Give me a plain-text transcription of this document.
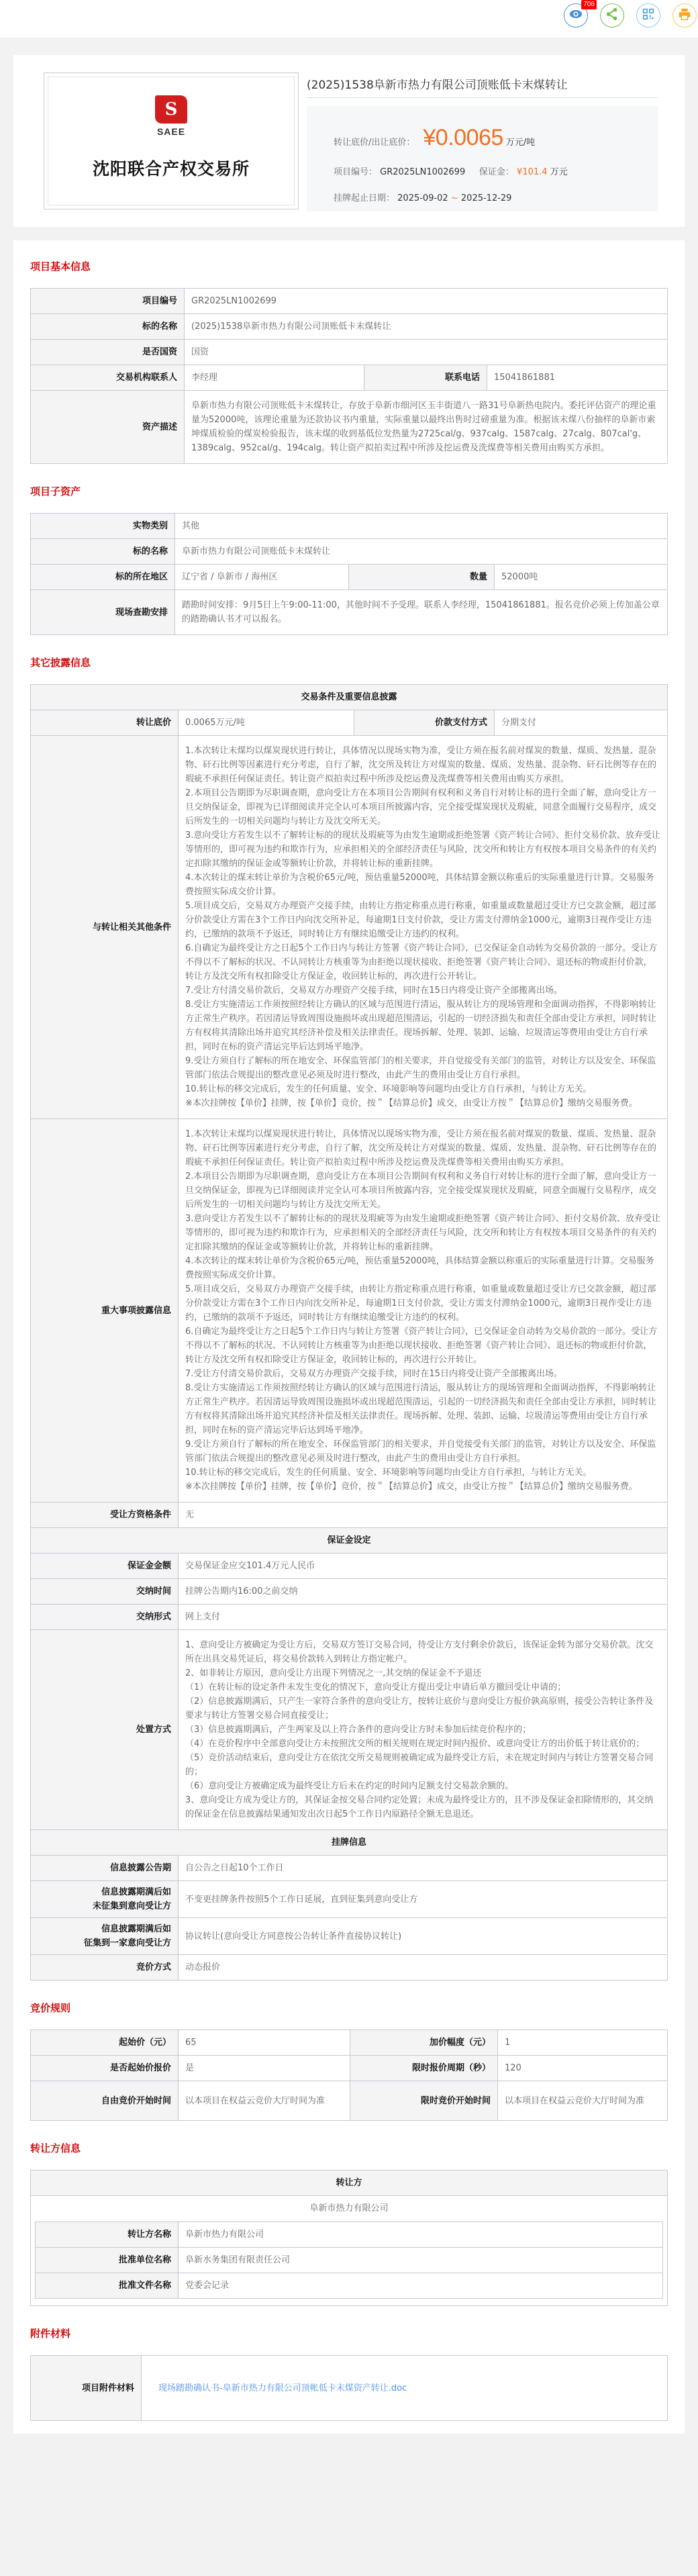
706
S
SAEE
沈阳联合产权交易所
(2025)1538阜新市热力有限公司顶账低卡末煤转让
转让底价/出让底价： ¥0.0065 万元/吨
项目编号： GR2025LN1002699 保证金： ¥101.4 万元
挂牌起止日期： 2025-09-02 ~ 2025-12-29
项目基本信息
项目编号	GR2025LN1002699		
标的名称	(2025)1538阜新市热力有限公司顶账低卡末煤转让		
是否国资	国资		
交易机构联系人	李经理	联系电话	15041861881
资产描述	阜新市热力有限公司顶账低卡末煤转让，存放于阜新市细河区玉丰街道八一路31号阜新热电院内。委托评估资产的理论重量为52000吨，该理论重量为还款协议书内重量，实际重量以最终出售时过磅重量为准。根据该末煤八份抽样的阜新市索坤煤质检验的煤炭检验报告，该末煤的收到基低位发热量为2725cal/g、937calg、1587calg、27calg、807cal'g、1389calg、952cal/g、194calg。转让资产拟拍卖过程中所涉及挖运费及洗煤费等相关费用由购买方承担。		
项目子资产
实物类别	其他		
标的名称	阜新市热力有限公司顶账低卡末煤转让		
标的所在地区	辽宁省 / 阜新市 / 海州区	数量	52000吨
现场查勘安排	踏勘时间安排：9月5日上午9:00-11:00，其他时间不予受理。联系人李经理，15041861881。报名竞价必须上传加盖公章的踏勘确认书才可以报名。		
其它披露信息
交易条件及重要信息披露			
转让底价	0.0065万元/吨	价款支付方式	分期支付
与转让相关其他条件	
1.本次转让末煤均以煤炭现状进行转让，具体情况以现场实物为准，受让方须在报名前对煤炭的数量、煤质、发热量、混杂物、矸石比例等因素进行充分考虑，自行了解，沈交所及转让方对煤炭的数量、煤质、发热量、混杂物、矸石比例等存在的瑕疵不承担任何保证责任。转让资产拟拍卖过程中所涉及挖运费及洗煤费等相关费用由购买方承担。
2.本项目公告期即为尽职调查期，意向受让方在本项目公告期间有权利和义务自行对转让标的进行全面了解，意向受让方一旦交纳保证金，即视为已详细阅读并完全认可本项目所披露内容，完全接受煤炭现状及瑕疵，同意全面履行交易程序，成交后所发生的一切相关问题均与转让方及沈交所无关。
3.意向受让方若发生以不了解转让标的的现状及瑕疵等为由发生逾期或拒绝签署《资产转让合同》、拒付交易价款、放弃受让等情形的，即可视为违约和欺诈行为，应承担相关的全部经济责任与风险，沈交所和转让方有权按本项目交易条件的有关约定扣除其缴纳的保证金或等额转让价款，并将转让标的重新挂牌。
4.本次转让的煤末转让单价为含税价65元/吨，预估重量52000吨，具体结算金额以称重后的实际重量进行计算。交易服务费按照实际成交价计算。
5.项目成交后，交易双方办理资产交接手续，由转让方指定称重点进行称重，如重量或数量超过受让方已交款金额，超过部分价款受让方需在3个工作日内向沈交所补足，每逾期1日支付价款，受让方需支付滞纳金1000元，逾期3日视作受让方违约，已缴纳的款项不予返还，同时转让方有继续追缴受让方违约的权利。
6.自确定为最终受让方之日起5个工作日内与转让方签署《资产转让合同》，已交保证金自动转为交易价款的一部分。受让方不得以不了解标的状况、不认同转让方核重等为由拒绝以现状接收、拒绝签署《资产转让合同》、退还标的物或拒付价款，转让方及沈交所有权扣除受让方保证金，收回转让标的，再次进行公开转让。
7.受让方付清交易价款后，交易双方办理资产交接手续，同时在15日内将受让资产全部搬离出场。
8.受让方实施清运工作须按照经转让方确认的区域与范围进行清运，服从转让方的现场管理和全面调动指挥，不得影响转让方正常生产秩序。若因清运导致周围设施损坏或出现超范围清运，引起的一切经济损失和责任全部由受让方承担，同时转让方有权将其清除出场并追究其经济补偿及相关法律责任。现场拆解、处理、装卸、运输、垃圾清运等费用由受让方自行承担，同时在标的资产清运完毕后达到场平地净。
9.受让方须自行了解标的所在地安全、环保监管部门的相关要求，并自觉接受有关部门的监管，对转让方以及安全、环保监管部门依法合规提出的整改意见必须及时进行整改，由此产生的费用由受让方自行承担。
10.转让标的移交完成后，发生的任何质量、安全、环境影响等问题均由受让方自行承担，与转让方无关。
※本次挂牌按【单价】挂牌，按【单价】竞价，按＂【结算总价】成交，由受让方按＂【结算总价】缴纳交易服务费。

重大事项披露信息	
1.本次转让末煤均以煤炭现状进行转让，具体情况以现场实物为准，受让方须在报名前对煤炭的数量、煤质、发热量、混杂物、矸石比例等因素进行充分考虑，自行了解，沈交所及转让方对煤炭的数量、煤质、发热量、混杂物、矸石比例等存在的瑕疵不承担任何保证责任。转让资产拟拍卖过程中所涉及挖运费及洗煤费等相关费用由购买方承担。
2.本项目公告期即为尽职调查期，意向受让方在本项目公告期间有权利和义务自行对转让标的进行全面了解，意向受让方一旦交纳保证金，即视为已详细阅读并完全认可本项目所披露内容，完全接受煤炭现状及瑕疵，同意全面履行交易程序，成交后所发生的一切相关问题均与转让方及沈交所无关。
3.意向受让方若发生以不了解转让标的的现状及瑕疵等为由发生逾期或拒绝签署《资产转让合同》、拒付交易价款、放弃受让等情形的，即可视为违约和欺诈行为，应承担相关的全部经济责任与风险，沈交所和转让方有权按本项目交易条件的有关约定扣除其缴纳的保证金或等额转让价款，并将转让标的重新挂牌。
4.本次转让的煤末转让单价为含税价65元/吨，预估重量52000吨，具体结算金额以称重后的实际重量进行计算。交易服务费按照实际成交价计算。
5.项目成交后，交易双方办理资产交接手续，由转让方指定称重点进行称重，如重量或数量超过受让方已交款金额，超过部分价款受让方需在3个工作日内向沈交所补足，每逾期1日支付价款，受让方需支付滞纳金1000元，逾期3日视作受让方违约，已缴纳的款项不予返还，同时转让方有继续追缴受让方违约的权利。
6.自确定为最终受让方之日起5个工作日内与转让方签署《资产转让合同》，已交保证金自动转为交易价款的一部分。受让方不得以不了解标的状况、不认同转让方核重等为由拒绝以现状接收、拒绝签署《资产转让合同》、退还标的物或拒付价款，转让方及沈交所有权扣除受让方保证金，收回转让标的，再次进行公开转让。
7.受让方付清交易价款后，交易双方办理资产交接手续，同时在15日内将受让资产全部搬离出场。
8.受让方实施清运工作须按照经转让方确认的区域与范围进行清运，服从转让方的现场管理和全面调动指挥，不得影响转让方正常生产秩序。若因清运导致周围设施损坏或出现超范围清运，引起的一切经济损失和责任全部由受让方承担，同时转让方有权将其清除出场并追究其经济补偿及相关法律责任。现场拆解、处理、装卸、运输、垃圾清运等费用由受让方自行承担，同时在标的资产清运完毕后达到场平地净。
9.受让方须自行了解标的所在地安全、环保监管部门的相关要求，并自觉接受有关部门的监管，对转让方以及安全、环保监管部门依法合规提出的整改意见必须及时进行整改，由此产生的费用由受让方自行承担。
10.转让标的移交完成后，发生的任何质量、安全、环境影响等问题均由受让方自行承担，与转让方无关。
※本次挂牌按【单价】挂牌，按【单价】竞价，按＂【结算总价】成交，由受让方按＂【结算总价】缴纳交易服务费。

受让方资格条件	无		
保证金设定			
保证金金额	交易保证金应交101.4万元人民币		
交纳时间	挂牌公告期内16:00之前交纳		
交纳形式	网上支付		
处置方式	
1、意向受让方被确定为受让方后，交易双方签订交易合同，待受让方支付剩余价款后，该保证金转为部分交易价款。沈交所在出具交易凭证后，将交易价款转入到转让方指定帐户。
2、如非转让方原因，意向受让方出现下列情况之一,其交纳的保证金不予退还
（1）在转让标的设定条件未发生变化的情况下，意向受让方提出受让申请后单方撤回受让申请的；
（2）信息披露期满后，只产生一家符合条件的意向受让方，按转让底价与意向受让方报价孰高原则，接受公告转让条件及要求与转让方签署交易合同直接受让；
（3）信息披露期满后，产生两家及以上符合条件的意向受让方时未参加后续竞价程序的；
（4）在竞价程序中全部意向受让方未按照沈交所的相关规则在规定时间内报价、或意向受让方的出价低于转让底价的；
（5）竞价活动结束后，意向受让方在依沈交所交易规则被确定成为最终受让方后，未在规定时间内与转让方签署交易合同的；
（6）意向受让方被确定成为最终受让方后未在约定的时间内足额支付交易款余额的。
3、意向受让方成为受让方的，其保证金按交易合同约定处置；未成为最终受让方的，且不涉及保证金扣除情形的，其交纳的保证金在信息披露结果通知发出次日起5个工作日内原路径全额无息退还。

挂牌信息			
信息披露公告期	自公告之日起10个工作日		

信息披露期满后如
未征集到意向受让方	不变更挂牌条件按照5个工作日延展，直到征集到意向受让方		

信息披露期满后如
征集到一家意向受让方	协议转让(意向受让方同意按公告转让条件直接协议转让)		
竞价方式	动态报价		
竞价规则
起始价（元）	65	加价幅度（元）	1
是否起始价报价	是	限时报价周期（秒）	120
自由竞价开始时间	以本项目在权益云竞价大厅时间为准	限时竞价开始时间	以本项目在权益云竞价大厅时间为准
转让方信息
转让方
阜新市热力有限公司
转让方名称	阜新市热力有限公司
批准单位名称	阜新水务集团有限责任公司
批准文件名称	党委会记录
附件材料
项目附件材料	现场踏勘确认书-阜新市热力有限公司顶帐低卡末煤资产转让.doc
